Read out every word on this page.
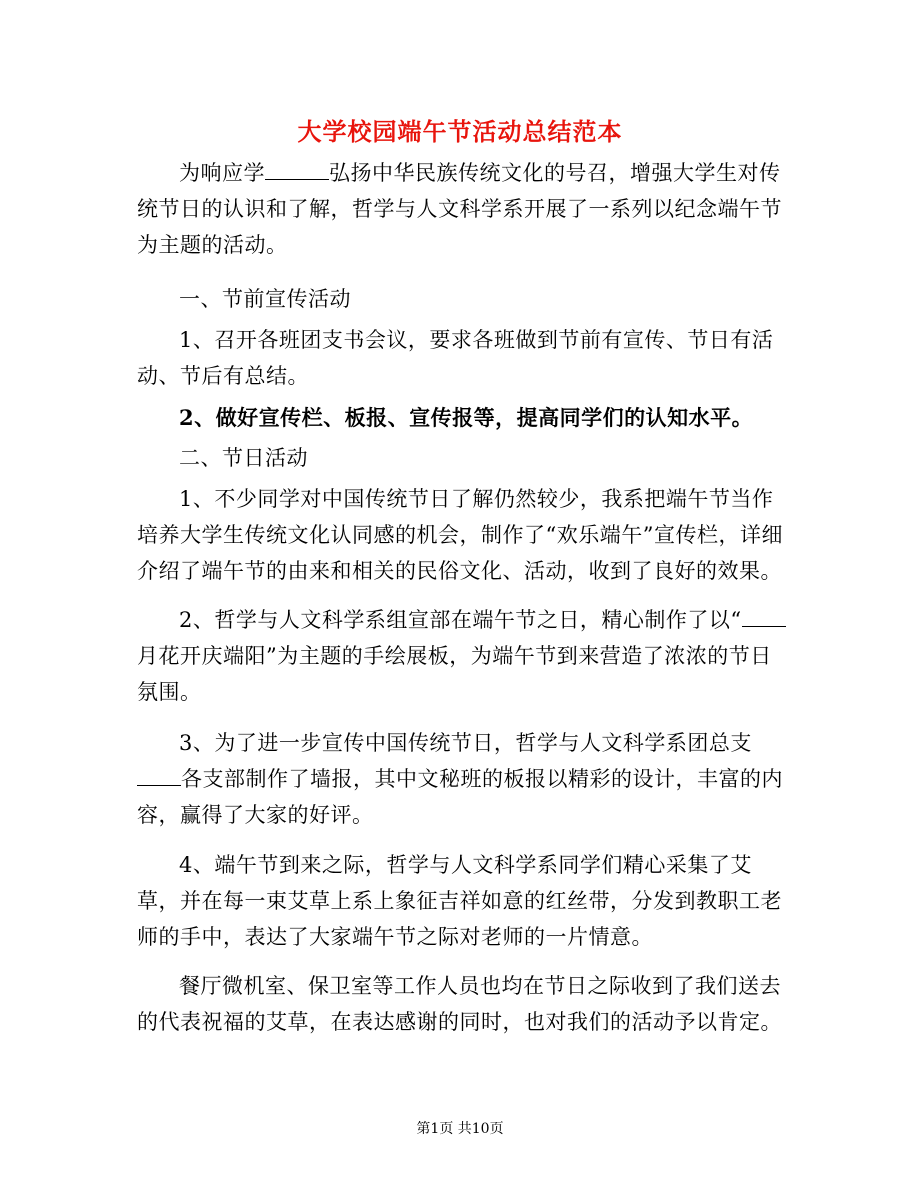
大学校园端午节活动总结范本
为响应学	弘扬中华民族传统文化的号召，增强大学生对传统节日的认识和了解，哲学与人文科学系开展了一系列以纪念端午节为主题的活动。
一、节前宣传活动
1、召开各班团支书会议，要求各班做到节前有宣传、节日有活动、节后有总结。
2、做好宣传栏、板报、宣传报等，提高同学们的认知水平。
二、节日活动
1、不少同学对中国传统节日了解仍然较少，我系把端午节当作培养大学生传统文化认同感的机会，制作了“欢乐端午”宣传栏，详细介绍了端午节的由来和相关的民俗文化、活动，收到了良好的效果。
2、哲学与人文科学系组宣部在端午节之日，精心制作了以“月花开庆端阳”为主题的手绘展板，为端午节到来营造了浓浓的节日氛围。
3、为了进一步宣传中国传统节日，哲学与人文科学系团总支各支部制作了墙报，其中文秘班的板报以精彩的设计，丰富的内容，赢得了大家的好评。
4、端午节到来之际，哲学与人文科学系同学们精心采集了艾草，并在每一束艾草上系上象征吉祥如意的红丝带，分发到教职工老师的手中，表达了大家端午节之际对老师的一片情意。
餐厅微机室、保卫室等工作人员也均在节日之际收到了我们送去的代表祝福的艾草，在表达感谢的同时，也对我们的活动予以肯定。
第1页 共10页
